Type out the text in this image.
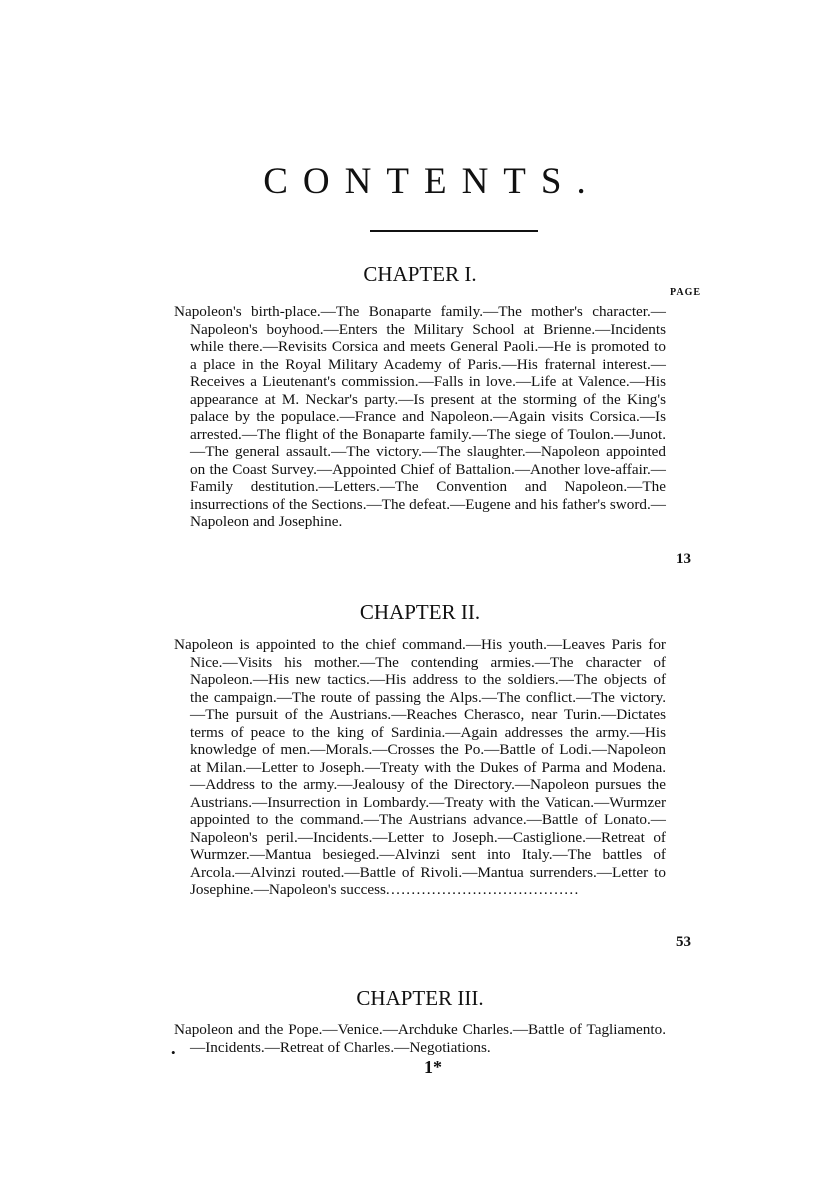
CONTENTS.
CHAPTER I.
PAGE

Napoleon's birth-place.—The Bonaparte family.—The mother's character.—Napoleon's boyhood.—Enters the Military School at Brienne.—Incidents while there.—Revisits Corsica and meets General Paoli.—He is promoted to a place in the Royal Military Academy of Paris.—His fraternal interest.—Receives a Lieutenant's commission.—Falls in love.—Life at Valence.—His appearance at M. Neckar's party.—Is present at the storming of the King's palace by the populace.—France and Napoleon.—Again visits Corsica.—Is arrested.—The flight of the Bonaparte family.—The siege of Toulon.—Junot.—The general assault.—The victory.—The slaughter.—Napoleon appointed on the Coast Survey.—Appointed Chief of Battalion.—Another love-affair.—Family destitution.—Letters.—The Convention and Napoleon.—The insurrections of the Sections.—The defeat.—Eugene and his father's sword.—Napoleon and Josephine.

13
CHAPTER II.

Napoleon is appointed to the chief command.—His youth.—Leaves Paris for Nice.—Visits his mother.—The contending armies.—The character of Napoleon.—His new tactics.—His address to the soldiers.—The objects of the campaign.—The route of passing the Alps.—The conflict.—The victory.—The pursuit of the Austrians.—Reaches Cherasco, near Turin.—Dictates terms of peace to the king of Sardinia.—Again addresses the army.—His knowledge of men.—Morals.—Crosses the Po.—Battle of Lodi.—Napoleon at Milan.—Letter to Joseph.—Treaty with the Dukes of Parma and Modena.—Address to the army.—Jealousy of the Directory.—Napoleon pursues the Austrians.—Insurrection in Lombardy.—Treaty with the Vatican.—Wurmzer appointed to the command.—The Austrians advance.—Battle of Lonato.—Napoleon's peril.—Incidents.—Letter to Joseph.—Castiglione.—Retreat of Wurmzer.—Mantua besieged.—Alvinzi sent into Italy.—The battles of Arcola.—Alvinzi routed.—Battle of Rivoli.—Mantua surrenders.—Letter to Josephine.—Napoleon's success......................................

53
CHAPTER III.
•

Napoleon and the Pope.—Venice.—Archduke Charles.—Battle of Tagliamento.—Incidents.—Retreat of Charles.—Negotiations.

1*
